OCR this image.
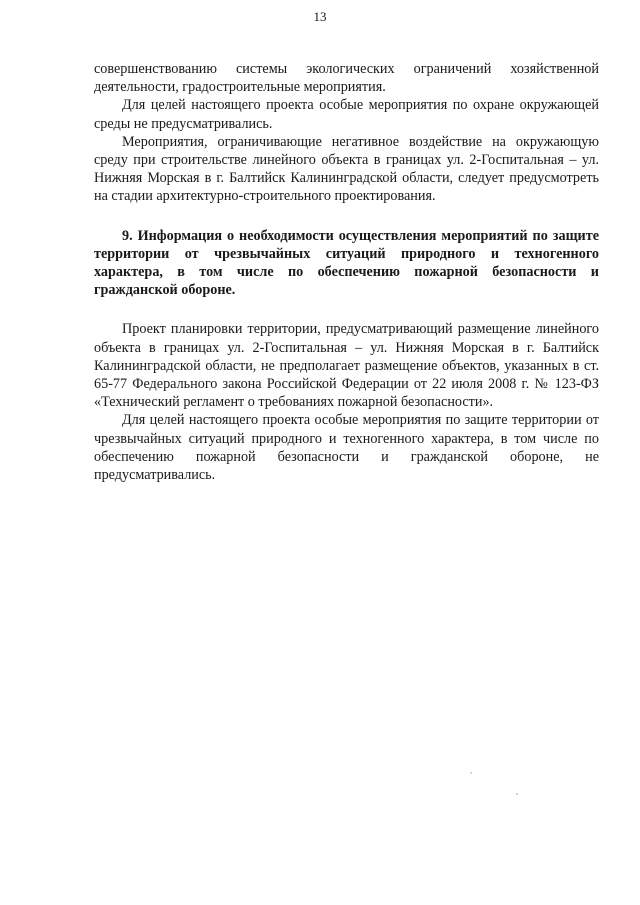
13

совершенствованию системы экологических ограничений хозяйственной деятельности, градостроительные мероприятия.

Для целей настоящего проекта особые мероприятия по охране окружающей среды не предусматривались.

Мероприятия, ограничивающие негативное воздействие на окружающую среду при строительстве линейного объекта в границах ул. 2-Госпитальная – ул. Нижняя Морская в г. Балтийск Калининградской области, следует предусмотреть на стадии архитектурно-строительного проектирования.

9. Информация о необходимости осуществления мероприятий по защите территории от чрезвычайных ситуаций природного и техногенного характера, в том числе по обеспечению пожарной безопасности и гражданской обороне.

Проект планировки территории, предусматривающий размещение линейного объекта в границах ул. 2-Госпитальная – ул. Нижняя Морская в г. Балтийск Калининградской области, не предполагает размещение объектов, указанных в ст. 65-77 Федерального закона Российской Федерации от 22 июля 2008 г. № 123-ФЗ «Технический регламент о требованиях пожарной безопасности».

Для целей настоящего проекта особые мероприятия по защите территории от чрезвычайных ситуаций природного и техногенного характера, в том числе по обеспечению пожарной безопасности и гражданской обороне, не предусматривались.
